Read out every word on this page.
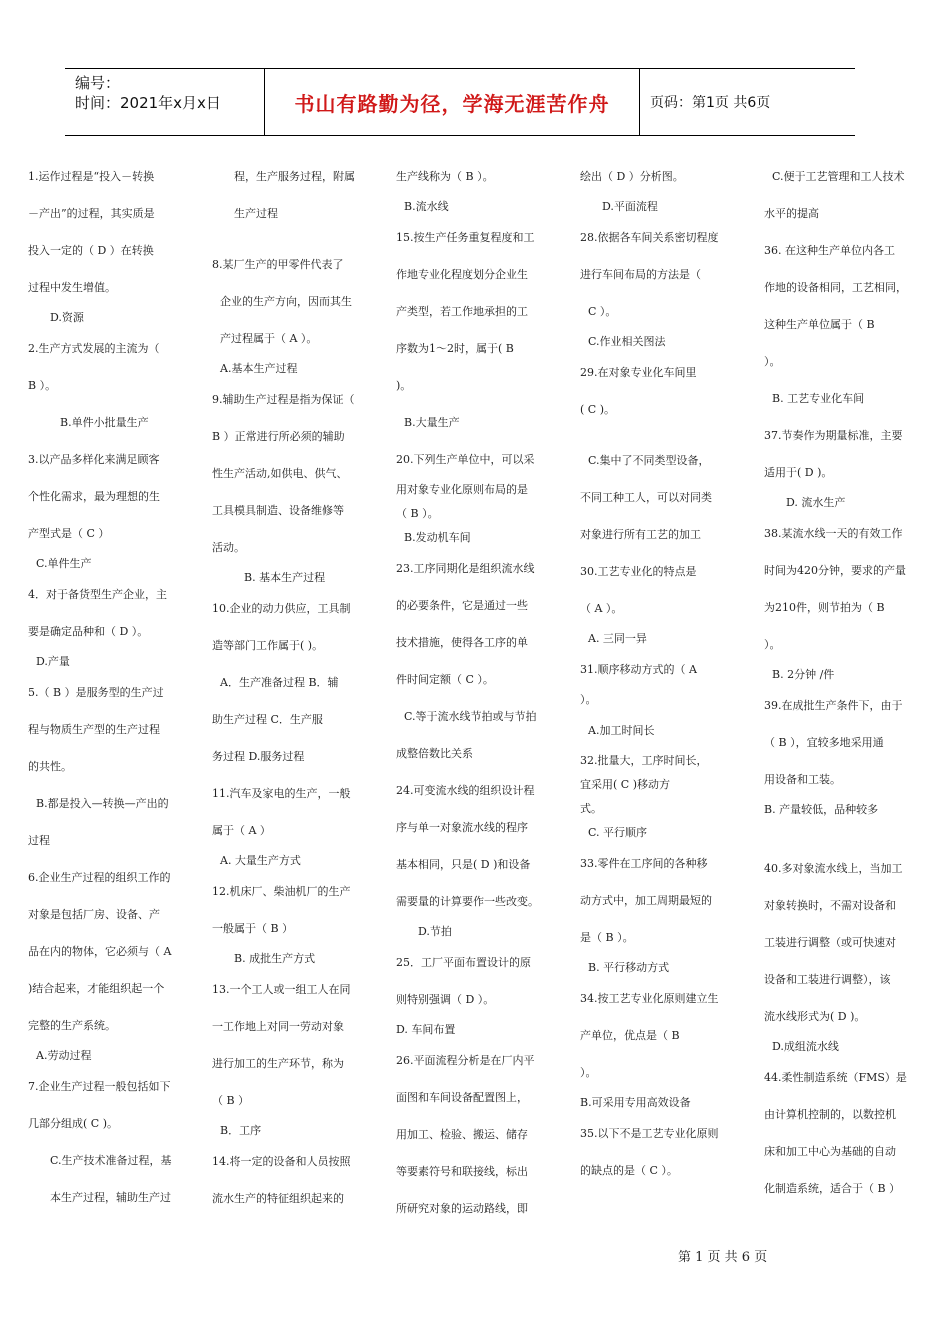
编号：
时间：2021年x月x日	书山有路勤为径，学海无涯苦作舟	页码：第1页 共6页

1.运作过程是“投入－转换

－产出”的过程，其实质是

投入一定的（ D ）在转换

过程中发生增值。

D.资源

2.生产方式发展的主流为（

B ）。

B.单件小批量生产

3.以产品多样化来满足顾客

个性化需求，最为理想的生

产型式是（ C ）

C.单件生产

4．对于备货型生产企业，主

要是确定品种和（ D ）。

D.产量

5.（ B ）是服务型的生产过

程与物质生产型的生产过程

的共性。

B.都是投入—转换—产出的

过程

6.企业生产过程的组织工作的

对象是包括厂房、设备、产

品在内的物体，它必须与（ A

)结合起来，才能组织起一个

完整的生产系统。

A.劳动过程

7.企业生产过程一般包括如下

几部分组成( C )。

C.生产技术准备过程，基

本生产过程，辅助生产过

程，生产服务过程，附属

生产过程

8.某厂生产的甲零件代表了

企业的生产方向，因而其生

产过程属于（ A ）。

A.基本生产过程

9.辅助生产过程是指为保证（

B ）正常进行所必须的辅助

性生产活动,如供电、供气、

工具模具制造、设备维修等

活动。

B. 基本生产过程

10.企业的动力供应，工具制

造等部门工作属于( )。

A．生产准备过程 B．辅

助生产过程 C．生产服

务过程 D.服务过程

11.汽车及家电的生产，一般

属于（ A ）

A. 大量生产方式

12.机床厂、柴油机厂的生产

一般属于（ B ）

B. 成批生产方式

13.一个工人或一组工人在同

一工作地上对同一劳动对象

进行加工的生产环节，称为

（ B ）

B．工序

14.将一定的设备和人员按照

流水生产的特征组织起来的

生产线称为（ B ）。

B.流水线

15.按生产任务重复程度和工

作地专业化程度划分企业生

产类型，若工作地承担的工

序数为1～2时，属于( B

)。

B.大量生产

20.下列生产单位中，可以采

用对象专业化原则布局的是

（ B ）。

B.发动机车间

23.工序同期化是组织流水线

的必要条件，它是通过一些

技术措施，使得各工序的单

件时间定额（ C ）。

C.等于流水线节拍或与节拍

成整倍数比关系

24.可变流水线的组织设计程

序与单一对象流水线的程序

基本相同，只是( D )和设备

需要量的计算要作一些改变。

D.节拍

25．工厂平面布置设计的原

则特别强调（ D ）。

D. 车间布置

26.平面流程分析是在厂内平

面图和车间设备配置图上，

用加工、检验、搬运、储存

等要素符号和联接线，标出

所研究对象的运动路线，即

绘出（ D ）分析图。

D.平面流程

28.依据各车间关系密切程度

进行车间布局的方法是（

C ）。

C.作业相关图法

29.在对象专业化车间里

( C )。

C.集中了不同类型设备，

不同工种工人，可以对同类

对象进行所有工艺的加工

30.工艺专业化的特点是

（ A ）。

A. 三同一异

31.顺序移动方式的（ A

）。

A.加工时间长

32.批量大，工序时间长，

宜采用( C )移动方

式。

C. 平行顺序

33.零件在工序间的各种移

动方式中，加工周期最短的

是（ B ）。

B. 平行移动方式

34.按工艺专业化原则建立生

产单位，优点是（ B

）。

B.可采用专用高效设备

35.以下不是工艺专业化原则

的缺点的是（ C ）。

C.便于工艺管理和工人技术

水平的提高

36. 在这种生产单位内各工

作地的设备相同，工艺相同，

这种生产单位属于（ B

）。

B. 工艺专业化车间

37.节奏作为期量标准，主要

适用于( D )。

D. 流水生产

38.某流水线一天的有效工作

时间为420分钟，要求的产量

为210件，则节拍为（ B

）。

B. 2分钟 /件

39.在成批生产条件下，由于

（ B ），宜较多地采用通

用设备和工装。

B. 产量较低，品种较多

40.多对象流水线上，当加工

对象转换时，不需对设备和

工装进行调整（或可快速对

设备和工装进行调整），该

流水线形式为( D )。

D.成组流水线

44.柔性制造系统（FMS）是

由计算机控制的，以数控机

床和加工中心为基础的自动

化制造系统，适合于（ B ）

第 1 页 共 6 页
